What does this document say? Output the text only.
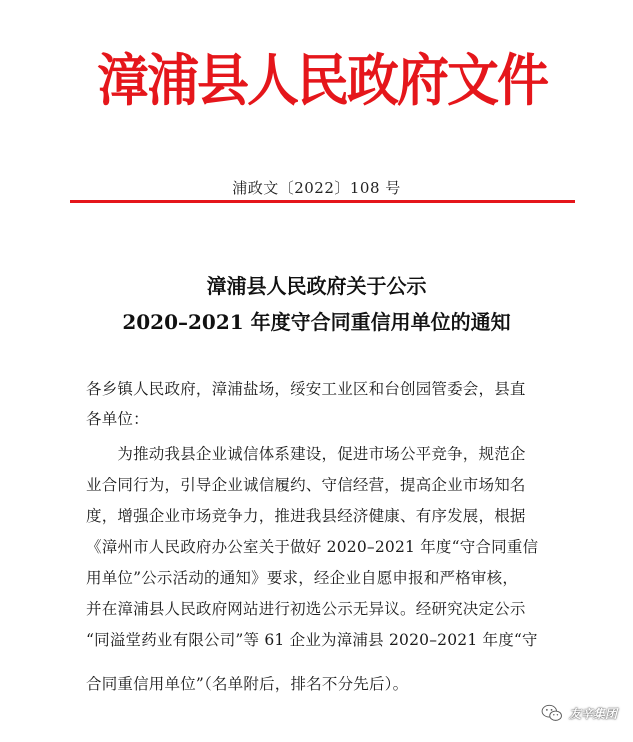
漳浦县人民政府文件
浦政文〔2022〕108 号
漳浦县人民政府关于公示
2020–2021 年度守合同重信用单位的通知
各乡镇人民政府，漳浦盐场，绥安工业区和台创园管委会，县直
各单位：
　　为推动我县企业诚信体系建设，促进市场公平竞争，规范企
业合同行为，引导企业诚信履约、守信经营，提高企业市场知名
度，增强企业市场竞争力，推进我县经济健康、有序发展，根据
《漳州市人民政府办公室关于做好 2020–2021 年度“守合同重信
用单位”公示活动的通知》要求，经企业自愿申报和严格审核，
并在漳浦县人民政府网站进行初选公示无异议。经研究决定公示
“同溢堂药业有限公司”等 61 企业为漳浦县 2020–2021 年度“守
合同重信用单位”（名单附后，排名不分先后）。
友辛集团
